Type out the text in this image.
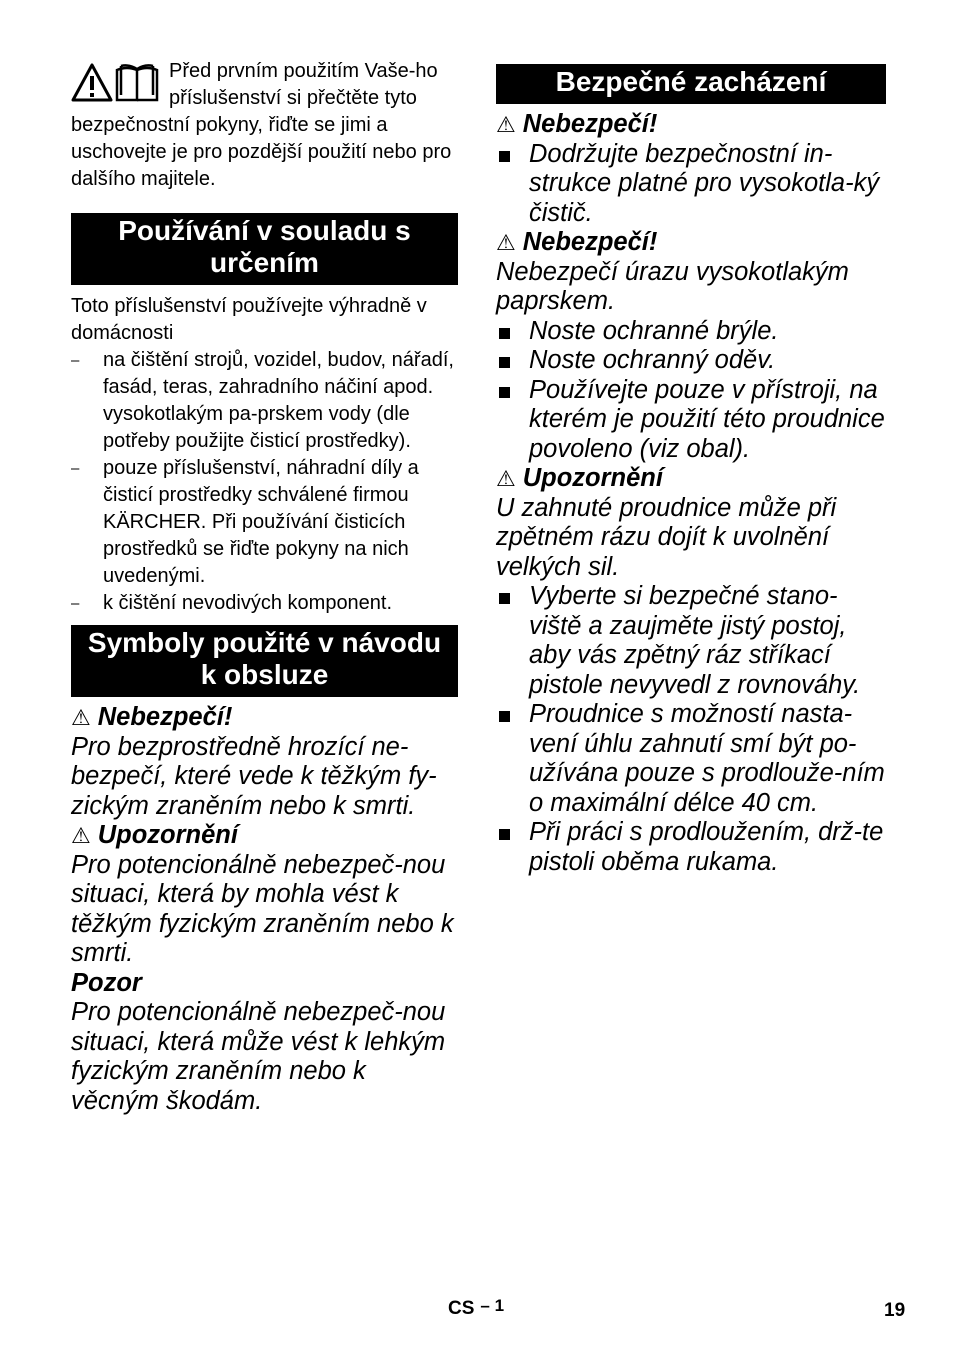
Před prvním použitím Vaše-ho příslušenství si přečtěte tyto bezpečnostní pokyny, řiďte se jimi a uschovejte je pro pozdější použití nebo pro dalšího majitele.
Používání v souladu s určením
Toto příslušenství používejte výhradně v domácnosti
– na čištění strojů, vozidel, budov, nářadí, fasád, teras, zahradního náčiní apod. vysokotlakým pa-prskem vody (dle potřeby použijte čisticí prostředky).
– pouze příslušenství, náhradní díly a čisticí prostředky schválené firmou KÄRCHER. Při používání čisticích prostředků se řiďte pokyny na nich uvedenými.
– k čištění nevodivých komponent.
Symboly použité v návodu k obsluze
⚠ Nebezpečí!
Pro bezprostředně hrozící ne-bezpečí, které vede k těžkým fy-zickým zraněním nebo k smrti.
⚠ Upozornění
Pro potencionálně nebezpeč-nou situaci, která by mohla vést k těžkým fyzickým zraněním nebo k smrti.
Pozor
Pro potencionálně nebezpeč-nou situaci, která může vést k lehkým fyzickým zraněním nebo k věcným škodám.
Bezpečné zacházení
⚠ Nebezpečí!
Dodržujte bezpečnostní in-strukce platné pro vysokotla-ký čistič.
⚠ Nebezpečí!
Nebezpečí úrazu vysokotlakým paprskem.
Noste ochranné brýle.
Noste ochranný oděv.
Používejte pouze v přístroji, na kterém je použití této proudnice povoleno (viz obal).
⚠ Upozornění
U zahnuté proudnice může při zpětném rázu dojít k uvolnění velkých sil.
Vyberte si bezpečné stano-viště a zaujměte jistý postoj, aby vás zpětný ráz stříkací pistole nevyvedl z rovnováhy.
Proudnice s možností nasta-vení úhlu zahnutí smí být po-užívána pouze s prodlouže-ním o maximální délce 40 cm.
Při práci s prodloužením, drž-te pistoli oběma rukama.
CS – 1	19
